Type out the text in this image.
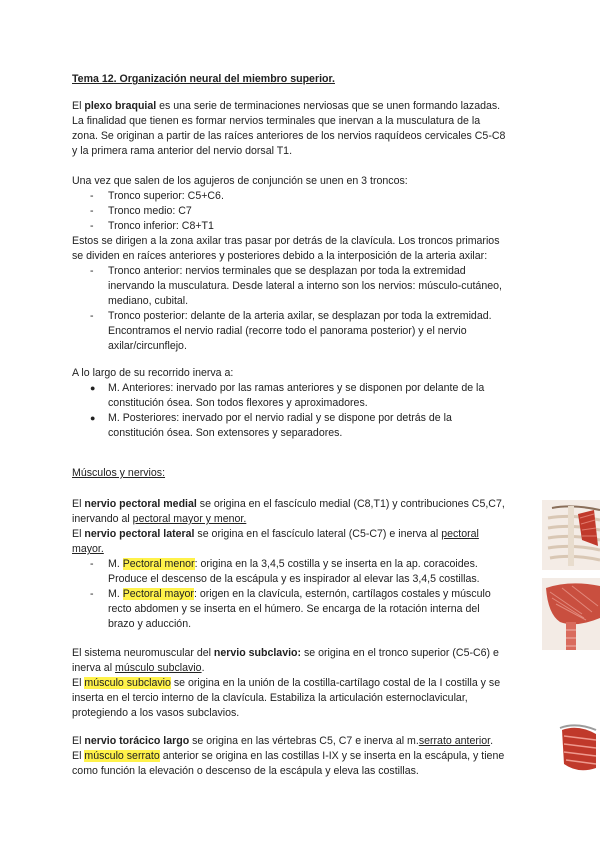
Tema 12. Organización neural del miembro superior.
El plexo braquial es una serie de terminaciones nerviosas que se unen formando lazadas.
La finalidad que tienen es formar nervios terminales que inervan a la musculatura de la
zona. Se originan a partir de las raíces anteriores de los nervios raquídeos cervicales C5-C8
y la primera rama anterior del nervio dorsal T1.
Una vez que salen de los agujeros de conjunción se unen en 3 troncos:
- Tronco superior: C5+C6.
- Tronco medio: C7
- Tronco inferior: C8+T1
Estos se dirigen a la zona axilar tras pasar por detrás de la clavícula. Los troncos primarios
se dividen en raíces anteriores y posteriores debido a la interposición de la arteria axilar:
- Tronco anterior: nervios terminales que se desplazan por toda la extremidad
inervando la musculatura. Desde lateral a interno son los nervios: músculo-cutáneo,
mediano, cubital.
- Tronco posterior: delante de la arteria axilar, se desplazan por toda la extremidad.
Encontramos el nervio radial (recorre todo el panorama posterior) y el nervio
axilar/circunflejo.
A lo largo de su recorrido inerva a:
● M. Anteriores: inervado por las ramas anteriores y se disponen por delante de la
constitución ósea. Son todos flexores y aproximadores.
● M. Posteriores: inervado por el nervio radial y se dispone por detrás de la
constitución ósea. Son extensores y separadores.
Músculos y nervios:
El nervio pectoral medial se origina en el fascículo medial (C8,T1) y contribuciones C5,C7,
inervando al pectoral mayor y menor.
El nervio pectoral lateral se origina en el fascículo lateral (C5-C7) e inerva al pectoral
mayor.
- M. Pectoral menor: origina en la 3,4,5 costilla y se inserta en la ap. coracoides.
Produce el descenso de la escápula y es inspirador al elevar las 3,4,5 costillas.
- M. Pectoral mayor: origen en la clavícula, esternón, cartílagos costales y músculo
recto abdomen y se inserta en el húmero. Se encarga de la rotación interna del
brazo y aducción.
El sistema neuromuscular del nervio subclavio: se origina en el tronco superior (C5-C6) e
inerva al músculo subclavio.
El músculo subclavio se origina en la unión de la costilla-cartílago costal de la I costilla y se
inserta en el tercio interno de la clavícula. Estabiliza la articulación esternoclavicular,
protegiendo a los vasos subclavios.
El nervio torácico largo se origina en las vértebras C5, C7 e inerva al m.serrato anterior.
El músculo serrato anterior se origina en las costillas I-IX y se inserta en la escápula, y tiene
como función la elevación o descenso de la escápula y eleva las costillas.
